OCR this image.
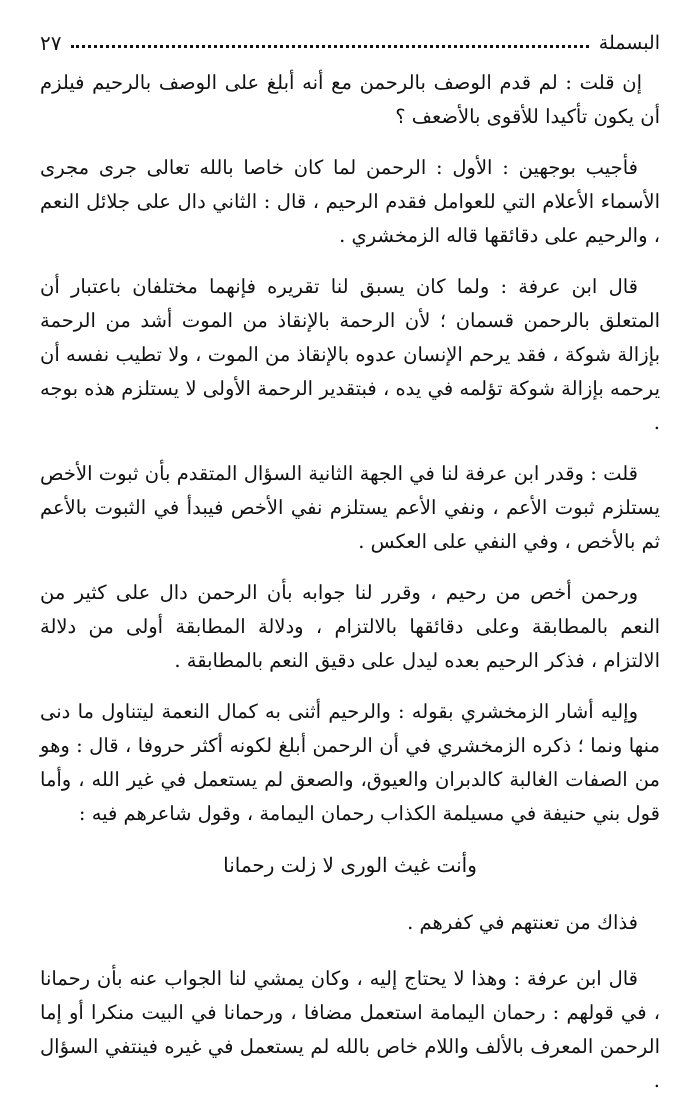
البسملة
٢٧

إن قلت : لم قدم الوصف بالرحمن مع أنه أبلغ على الوصف بالرحيم فيلزم أن يكون تأكيدا للأقوى بالأضعف ؟

فأجيب بوجهين : الأول : الرحمن لما كان خاصا بالله تعالى جرى مجرى الأسماء الأعلام التي للعوامل فقدم الرحيم ، قال : الثاني دال على جلائل النعم ، والرحيم على دقائقها قاله الزمخشري .

قال ابن عرفة : ولما كان يسبق لنا تقريره فإنهما مختلفان باعتبار أن المتعلق بالرحمن قسمان ؛ لأن الرحمة بالإنقاذ من الموت أشد من الرحمة بإزالة شوكة ، فقد يرحم الإنسان عدوه بالإنقاذ من الموت ، ولا تطيب نفسه أن يرحمه بإزالة شوكة تؤلمه في يده ، فبتقدير الرحمة الأولى لا يستلزم هذه بوجه .

قلت : وقدر ابن عرفة لنا في الجهة الثانية السؤال المتقدم بأن ثبوت الأخص يستلزم ثبوت الأعم ، ونفي الأعم يستلزم نفي الأخص فيبدأ في الثبوت بالأعم ثم بالأخص ، وفي النفي على العكس .

ورحمن أخص من رحيم ، وقرر لنا جوابه بأن الرحمن دال على كثير من النعم بالمطابقة وعلى دقائقها بالالتزام ، ودلالة المطابقة أولى من دلالة الالتزام ، فذكر الرحيم بعده ليدل على دقيق النعم بالمطابقة .

وإليه أشار الزمخشري بقوله : والرحيم أثنى به كمال النعمة ليتناول ما دنى منها ونما ؛ ذكره الزمخشري في أن الرحمن أبلغ لكونه أكثر حروفا ، قال : وهو من الصفات الغالبة كالدبران والعيوق، والصعق لم يستعمل في غير الله ، وأما قول بني حنيفة في مسيلمة الكذاب رحمان اليمامة ، وقول شاعرهم فيه :

وأنت غيث الورى لا زلت رحمانا
فذاك من تعنتهم في كفرهم .

قال ابن عرفة : وهذا لا يحتاج إليه ، وكان يمشي لنا الجواب عنه بأن رحمانا ، في قولهم : رحمان اليمامة استعمل مضافا ، ورحمانا في البيت منكرا أو إما الرحمن المعرف بالألف واللام خاص بالله لم يستعمل في غيره فينتفي السؤال .
